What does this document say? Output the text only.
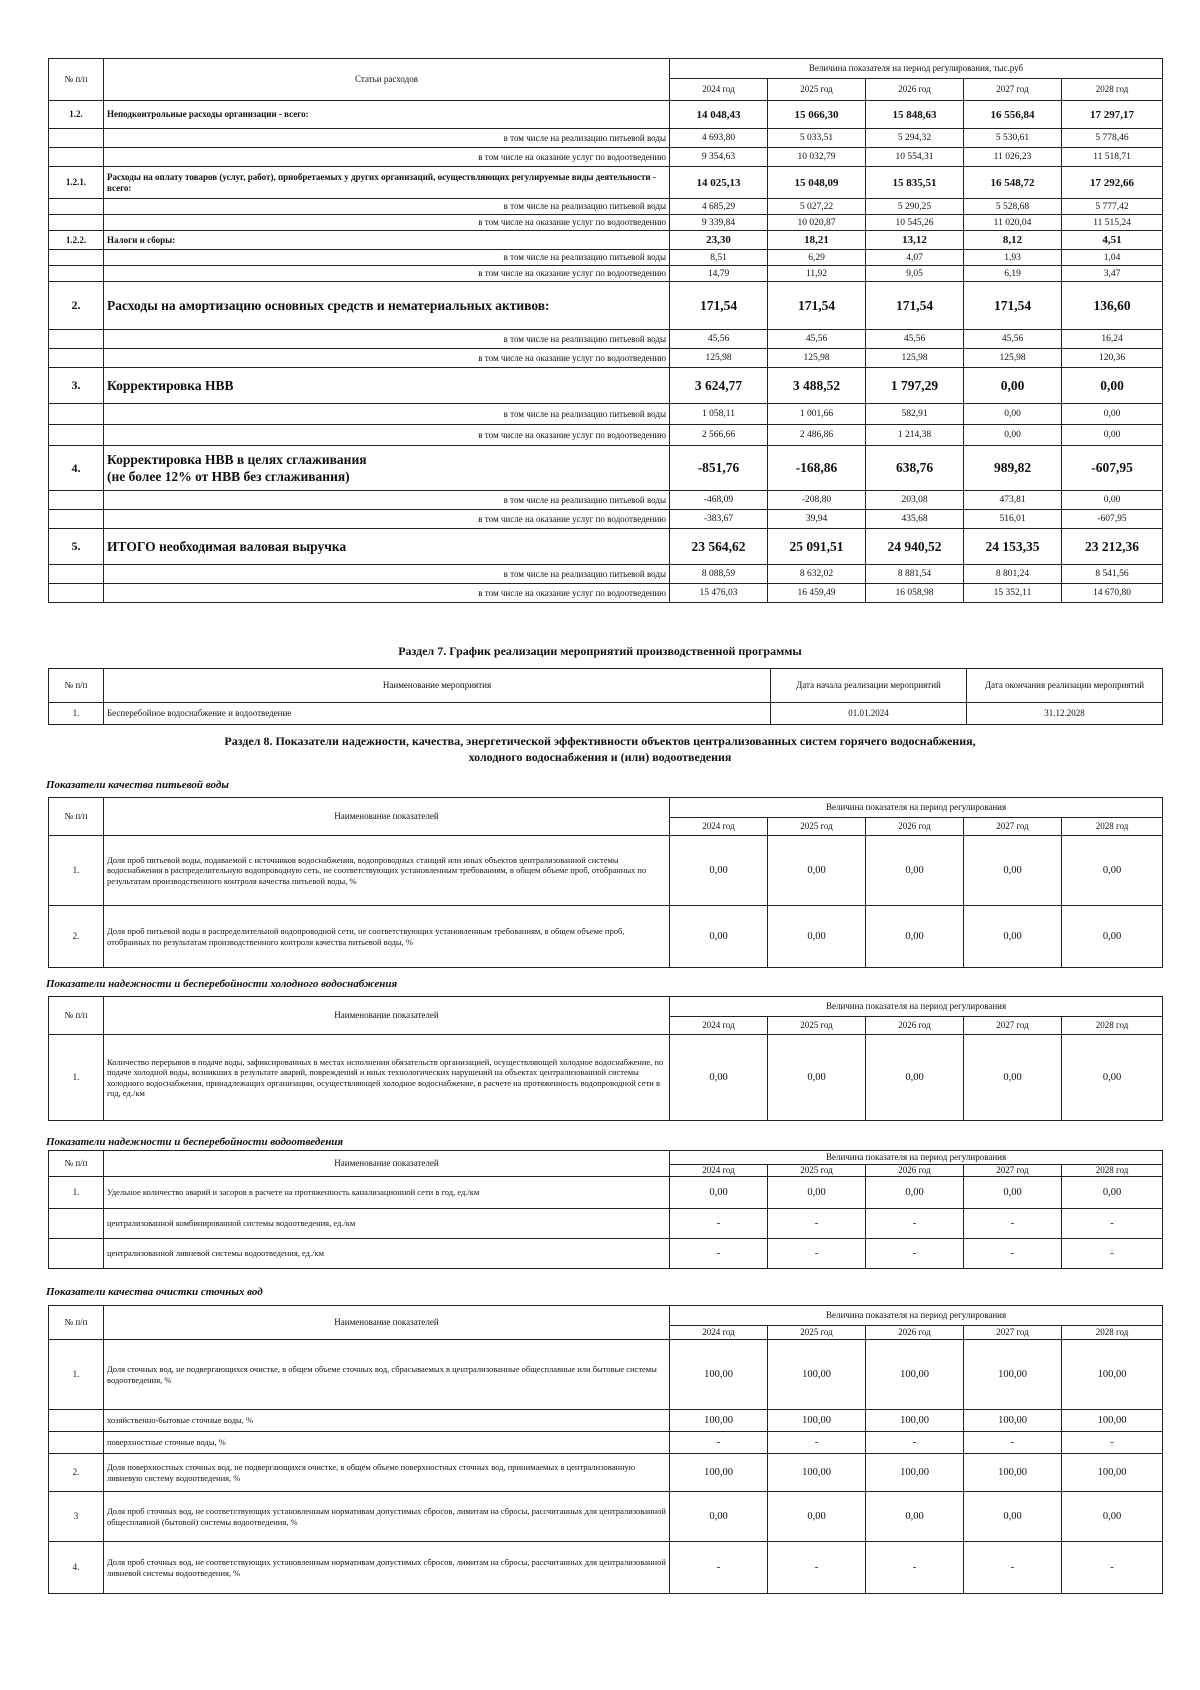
№ п/п	Статьи расходов	Величина показателя на период регулирования, тыс.руб				
		2024 год	2025 год	2026 год	2027 год	2028 год
1.2.	Неподконтрольные расходы организации - всего:	14 048,43	15 066,30	15 848,63	16 556,84	17 297,17
	в том числе на реализацию питьевой воды	4 693,80	5 033,51	5 294,32	5 530,61	5 778,46
	в том числе на оказание услуг по водоотведению	9 354,63	10 032,79	10 554,31	11 026,23	11 518,71
1.2.1.	Расходы на оплату товаров (услуг, работ), приобретаемых у других организаций, осуществляющих регулируемые виды деятельности - всего:	14 025,13	15 048,09	15 835,51	16 548,72	17 292,66
	в том числе на реализацию питьевой воды	4 685,29	5 027,22	5 290,25	5 528,68	5 777,42
	в том числе на оказание услуг по водоотведению	9 339,84	10 020,87	10 545,26	11 020,04	11 515,24
1.2.2.	Налоги и сборы:	23,30	18,21	13,12	8,12	4,51
	в том числе на реализацию питьевой воды	8,51	6,29	4,07	1,93	1,04
	в том числе на оказание услуг по водоотведению	14,79	11,92	9,05	6,19	3,47
2.	Расходы на амортизацию основных средств и нематериальных активов:	171,54	171,54	171,54	171,54	136,60
	в том числе на реализацию питьевой воды	45,56	45,56	45,56	45,56	16,24
	в том числе на оказание услуг по водоотведению	125,98	125,98	125,98	125,98	120,36
3.	Корректировка НВВ	3 624,77	3 488,52	1 797,29	0,00	0,00
	в том числе на реализацию питьевой воды	1 058,11	1 001,66	582,91	0,00	0,00
	в том числе на оказание услуг по водоотведению	2 566,66	2 486,86	1 214,38	0,00	0,00
4.	Корректировка НВВ в целях сглаживания
(не более 12% от НВВ без сглаживания)	-851,76	-168,86	638,76	989,82	-607,95
	в том числе на реализацию питьевой воды	-468,09	-208,80	203,08	473,81	0,00
	в том числе на оказание услуг по водоотведению	-383,67	39,94	435,68	516,01	-607,95
5.	ИТОГО необходимая валовая выручка	23 564,62	25 091,51	24 940,52	24 153,35	23 212,36
	в том числе на реализацию питьевой воды	8 088,59	8 632,02	8 881,54	8 801,24	8 541,56
	в том числе на оказание услуг по водоотведению	15 476,03	16 459,49	16 058,98	15 352,11	14 670,80
Раздел 7. График реализации мероприятий производственной программы
№ п/п	Наименование мероприятия	Дата начала реализации мероприятий	Дата окончания реализации мероприятий
1.	Бесперебойное водоснабжение и водоотведение	01.01.2024	31.12.2028
Раздел 8. Показатели надежности, качества, энергетической эффективности объектов централизованных систем горячего водоснабжения,
холодного водоснабжения и (или) водоотведения
Показатели качества питьевой воды
№ п/п	Наименование показателей	Величина показателя на период регулирования				
		2024 год	2025 год	2026 год	2027 год	2028 год
1.	Доля проб питьевой воды, подаваемой с источников водоснабжения, водопроводных станций или иных объектов централизованной системы водоснабжения в распределительную водопроводную сеть, не соответствующих установленным требованиям, в общем объеме проб, отобранных по результатам производственного контроля качества питьевой воды, %	0,00	0,00	0,00	0,00	0,00
2.	Доля проб питьевой воды в распределительной водопроводной сети, не соответствующих установленным требованиям, в общем объеме проб, отобранных по результатам производственного контроля качества питьевой воды, %	0,00	0,00	0,00	0,00	0,00
Показатели надежности и бесперебойности холодного водоснабжения
№ п/п	Наименование показателей	Величина показателя на период регулирования				
		2024 год	2025 год	2026 год	2027 год	2028 год
1.	Количество перерывов в подаче воды, зафиксированных в местах исполнения обязательств организацией, осуществляющей холодное водоснабжение, по подаче холодной воды, возникших в результате аварий, повреждений и иных технологических нарушений на объектах централизованной системы холодного водоснабжения, принадлежащих организации, осуществляющей холодное водоснабжение, в расчете на протяженность водопроводной сети в год, ед./км	0,00	0,00	0,00	0,00	0,00
Показатели надежности и бесперебойности водоотведения
№ п/п	Наименование показателей	Величина показателя на период регулирования				
		2024 год	2025 год	2026 год	2027 год	2028 год
1.	Удельное количество аварий и засоров в расчете на протяженность канализационной сети в год, ед./км	0,00	0,00	0,00	0,00	0,00
	централизованной комбинированной системы водоотведения, ед./км	-	-	-	-	-
	централизованной ливневой системы водоотведения, ед./км	-	-	-	-	-
Показатели качества очистки сточных вод
№ п/п	Наименование показателей	Величина показателя на период регулирования				
		2024 год	2025 год	2026 год	2027 год	2028 год
1.	Доля сточных вод, не подвергающихся очистке, в общем объеме сточных вод, сбрасываемых в централизованные общесплавные или бытовые системы водоотведения, %	100,00	100,00	100,00	100,00	100,00
	хозяйственно-бытовые сточные воды, %	100,00	100,00	100,00	100,00	100,00
	поверхностные сточные воды, %	-	-	-	-	-
2.	Доля поверхностных сточных вод, не подвергающихся очистке, в общем объеме поверхностных сточных вод, принимаемых в централизованную ливневую систему водоотведения, %	100,00	100,00	100,00	100,00	100,00
3	Доля проб сточных вод, не соответствующих установленным нормативам допустимых сбросов, лимитам на сбросы, рассчитанных для централизованной общесплавной (бытовой) системы водоотведения, %	0,00	0,00	0,00	0,00	0,00
4.	Доля проб сточных вод, не соответствующих установленным нормативам допустимых сбросов, лимитам на сбросы, рассчитанных для централизованной ливневой системы водоотведения, %	-	-	-	-	-
